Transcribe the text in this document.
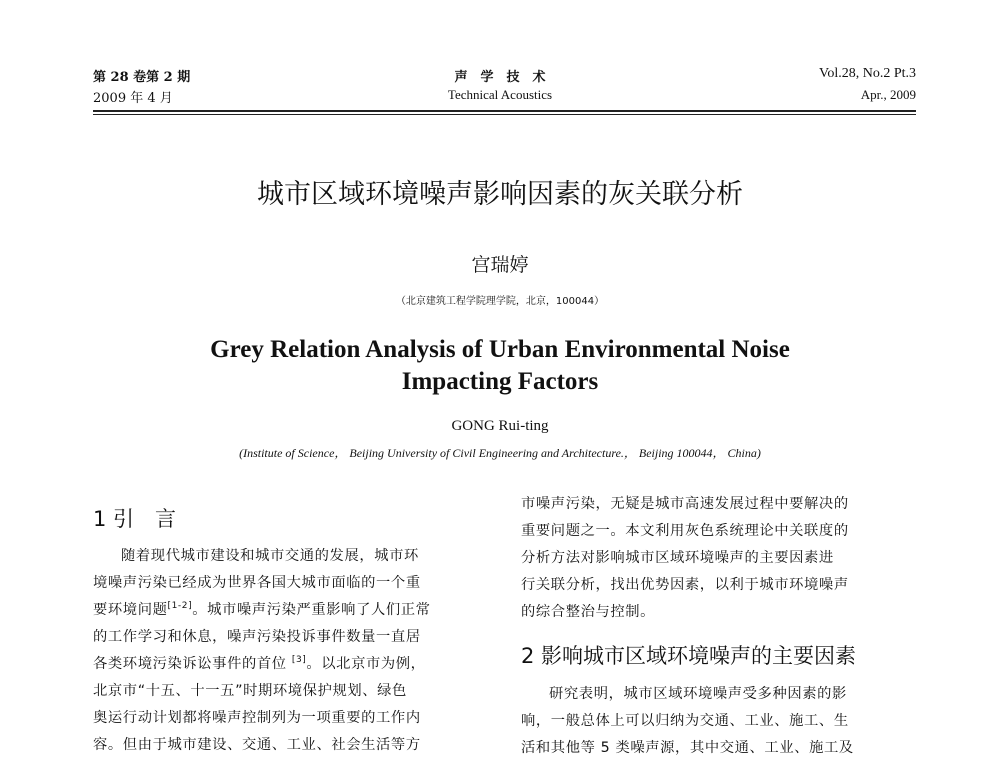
第 28 卷第 2 期
2009 年 4 月
声　学　技　术
Technical Acoustics
Vol.28, No.2 Pt.3
Apr., 2009
城市区域环境噪声影响因素的灰关联分析
宫瑞婷
（北京建筑工程学院理学院，北京，100044）
Grey Relation Analysis of Urban Environmental Noise
Impacting Factors
GONG Rui-ting
(Institute of Science， Beijing University of Civil Engineering and Architecture.， Beijing 100044， China)
1 引　言
随着现代城市建设和城市交通的发展，城市环
境噪声污染已经成为世界各国大城市面临的一个重
要环境问题[1-2]。城市噪声污染严重影响了人们正常
的工作学习和休息，噪声污染投诉事件数量一直居
各类环境污染诉讼事件的首位 [3]。以北京市为例，
北京市“十五、十一五”时期环境保护规划、绿色
奥运行动计划都将噪声控制列为一项重要的工作内
容。但由于城市建设、交通、工业、社会生活等方
市噪声污染，无疑是城市高速发展过程中要解决的
重要问题之一。本文利用灰色系统理论中关联度的
分析方法对影响城市区域环境噪声的主要因素进
行关联分析，找出优势因素，以利于城市环境噪声
的综合整治与控制。
2 影响城市区域环境噪声的主要因素
研究表明，城市区域环境噪声受多种因素的影
响，一般总体上可以归纳为交通、工业、施工、生
活和其他等 5 类噪声源，其中交通、工业、施工及
